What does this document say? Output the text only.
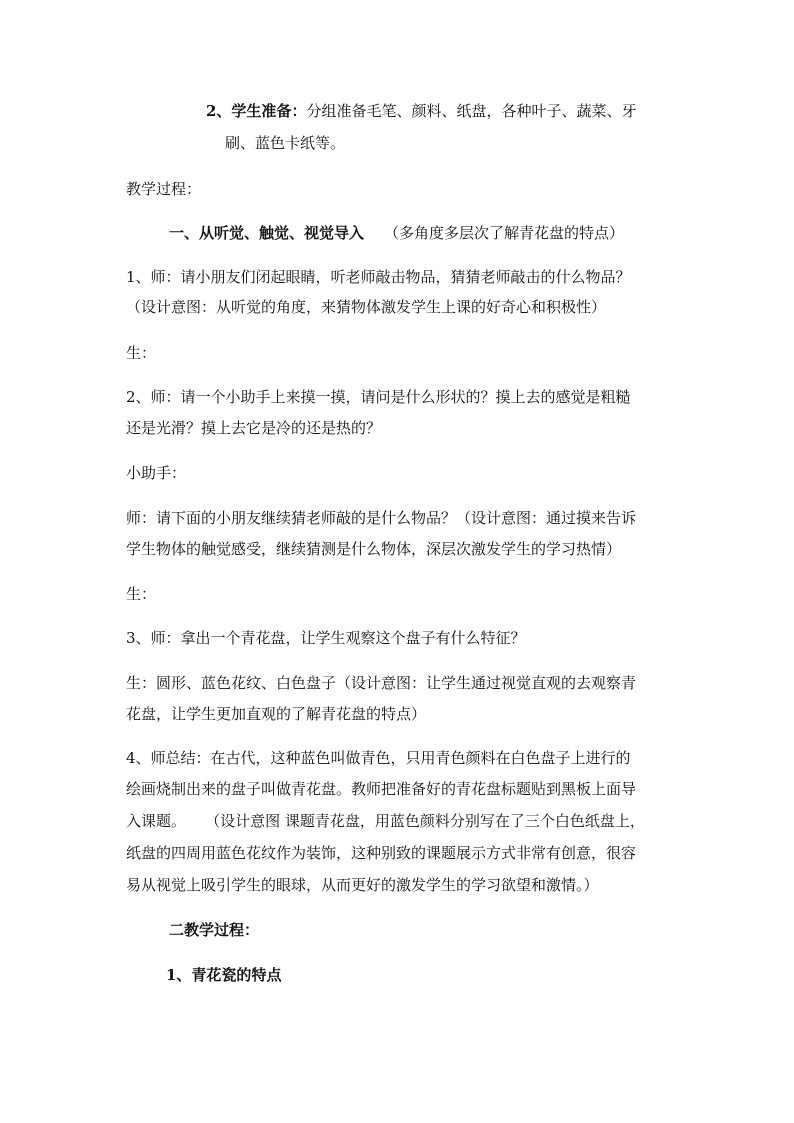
2、学生准备：分组准备毛笔、颜料、纸盘，各种叶子、蔬菜、牙
刷、蓝色卡纸等。
教学过程：
一、从听觉、触觉、视觉导入 （多角度多层次了解青花盘的特点）
1、师：请小朋友们闭起眼睛，听老师敲击物品，猜猜老师敲击的什么物品？
（设计意图：从听觉的角度，来猜物体激发学生上课的好奇心和积极性）
生：
2、师：请一个小助手上来摸一摸，请问是什么形状的？摸上去的感觉是粗糙
还是光滑？摸上去它是冷的还是热的？
小助手：
师：请下面的小朋友继续猜老师敲的是什么物品？（设计意图：通过摸来告诉
学生物体的触觉感受，继续猜测是什么物体，深层次激发学生的学习热情）
生：
3、师：拿出一个青花盘，让学生观察这个盘子有什么特征？
生：圆形、蓝色花纹、白色盘子（设计意图：让学生通过视觉直观的去观察青
花盘，让学生更加直观的了解青花盘的特点）
4、师总结：在古代，这种蓝色叫做青色，只用青色颜料在白色盘子上进行的
绘画烧制出来的盘子叫做青花盘。教师把准备好的青花盘标题贴到黑板上面导
入课题。    （设计意图 课题青花盘，用蓝色颜料分别写在了三个白色纸盘上，
纸盘的四周用蓝色花纹作为装饰，这种别致的课题展示方式非常有创意，很容
易从视觉上吸引学生的眼球，从而更好的激发学生的学习欲望和激情。）
二教学过程：
1、青花瓷的特点
